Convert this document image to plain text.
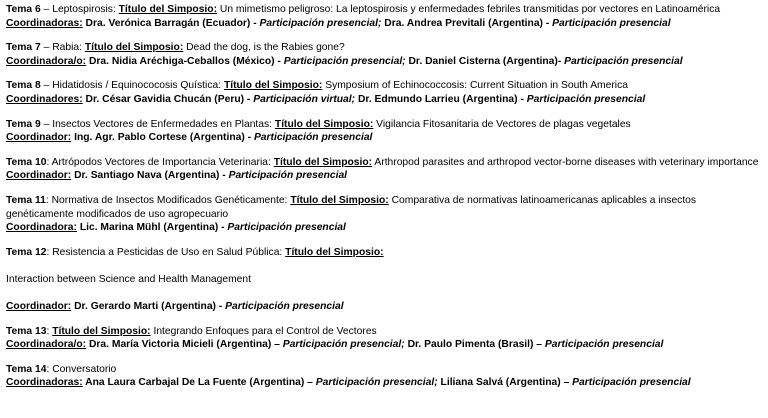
Tema 6 – Leptospirosis: Título del Simposio: Un mimetismo peligroso: La leptospirosis y enfermedades febriles transmitidas por vectores en Latinoamérica

Coordinadoras: Dra. Verónica Barragán (Ecuador) - Participación presencial; Dra. Andrea Previtali (Argentina) - Participación presencial

Tema 7 – Rabia: Título del Simposio: Dead the dog, is the Rabies gone?

Coordinadora/o: Dra. Nidia Aréchiga-Ceballos (México) - Participación presencial; Dr. Daniel Cisterna (Argentina)- Participación presencial

Tema 8 – Hidatidosis / Equinococosis Quística: Título del Simposio: Symposium of Echinococcosis: Current Situation in South America

Coordinadores: Dr. César Gavidia Chucán (Peru) - Participación virtual; Dr. Edmundo Larrieu (Argentina) - Participación presencial

Tema 9 – Insectos Vectores de Enfermedades en Plantas: Título del Simposio: Vigilancia Fitosanitaria de Vectores de plagas vegetales

Coordinador: Ing. Agr. Pablo Cortese (Argentina) - Participación presencial

Tema 10: Artrópodos Vectores de Importancia Veterinaria: Título del Simposio: Arthropod parasites and arthropod vector-borne diseases with veterinary importance

Coordinador: Dr. Santiago Nava (Argentina) - Participación presencial

Tema 11: Normativa de Insectos Modificados Genéticamente: Título del Simposio: Comparativa de normativas latinoamericanas aplicables a insectos genéticamente modificados de uso agropecuario

Coordinadora: Lic. Marina Mühl (Argentina) - Participación presencial

Tema 12: Resistencia a Pesticidas de Uso en Salud Pública: Título del Simposio:

Interaction between Science and Health Management

Coordinador: Dr. Gerardo Marti (Argentina) - Participación presencial

Tema 13: Título del Simposio: Integrando Enfoques para el Control de Vectores

Coordinadora/o: Dra. María Victoria Micieli (Argentina) – Participación presencial; Dr. Paulo Pimenta (Brasil) – Participación presencial

Tema 14: Conversatorio

Coordinadoras: Ana Laura Carbajal De La Fuente (Argentina) – Participación presencial; Liliana Salvá (Argentina) – Participación presencial
